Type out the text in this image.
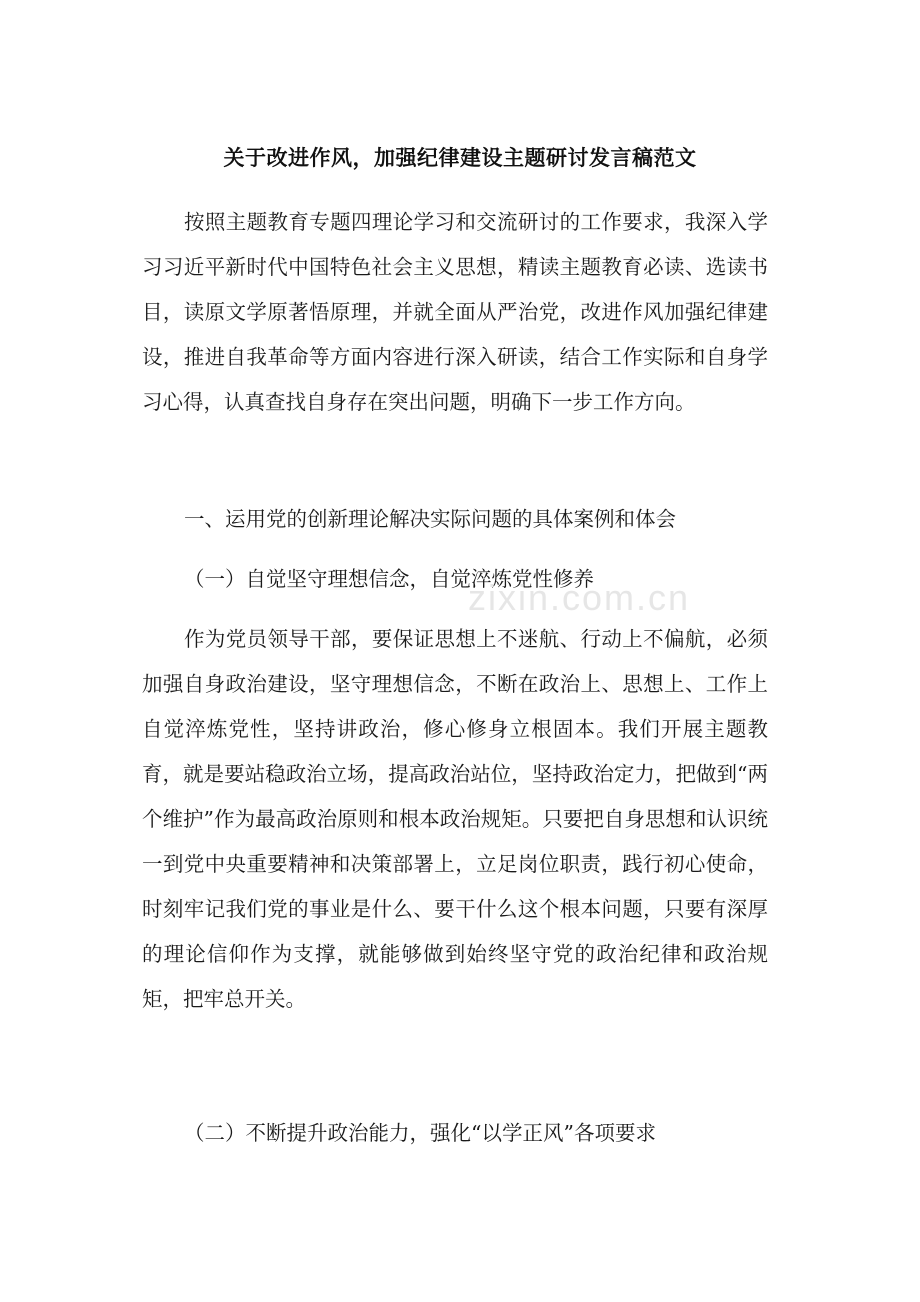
关于改进作风，加强纪律建设主题研讨发言稿范文

按照主题教育专题四理论学习和交流研讨的工作要求，我深入学习习近平新时代中国特色社会主义思想，精读主题教育必读、选读书目，读原文学原著悟原理，并就全面从严治党，改进作风加强纪律建设，推进自我革命等方面内容进行深入研读，结合工作实际和自身学习心得，认真查找自身存在突出问题，明确下一步工作方向。

一、运用党的创新理论解决实际问题的具体案例和体会

（一）自觉坚守理想信念，自觉淬炼党性修养

zixin.com.cn

作为党员领导干部，要保证思想上不迷航、行动上不偏航，必须加强自身政治建设，坚守理想信念，不断在政治上、思想上、工作上自觉淬炼党性，坚持讲政治，修心修身立根固本。我们开展主题教育，就是要站稳政治立场，提高政治站位，坚持政治定力，把做到“两个维护”作为最高政治原则和根本政治规矩。只要把自身思想和认识统一到党中央重要精神和决策部署上，立足岗位职责，践行初心使命，时刻牢记我们党的事业是什么、要干什么这个根本问题，只要有深厚的理论信仰作为支撑，就能够做到始终坚守党的政治纪律和政治规矩，把牢总开关。

（二）不断提升政治能力，强化“以学正风”各项要求
